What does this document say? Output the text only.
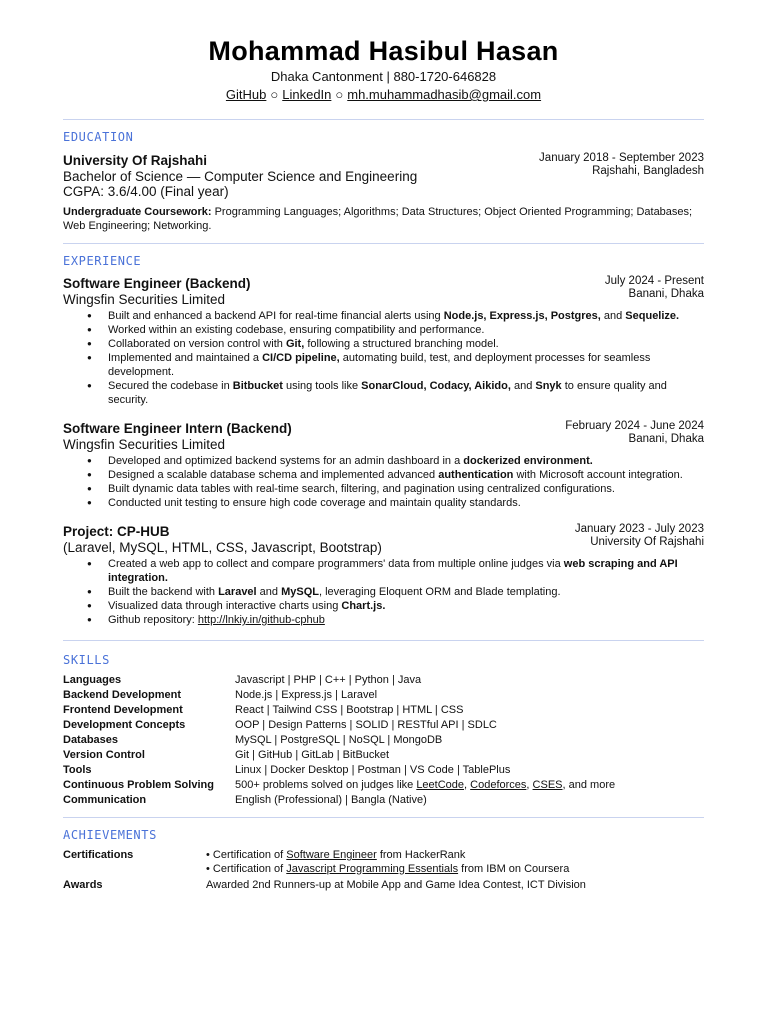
Mohammad Hasibul Hasan
Dhaka Cantonment | 880-1720-646828
GitHub ○ LinkedIn ○ mh.muhammadhasib@gmail.com
EDUCATION
University Of Rajshahi
Bachelor of Science — Computer Science and Engineering
CGPA: 3.6/4.00 (Final year)
January 2018 - September 2023
Rajshahi, Bangladesh
Undergraduate Coursework: Programming Languages; Algorithms; Data Structures; Object Oriented Programming; Databases; Web Engineering; Networking.
EXPERIENCE
Software Engineer (Backend)
Wingsfin Securities Limited
July 2024 - Present
Banani, Dhaka
● Built and enhanced a backend API for real-time financial alerts using Node.js, Express.js, Postgres, and Sequelize.
● Worked within an existing codebase, ensuring compatibility and performance.
● Collaborated on version control with Git, following a structured branching model.
● Implemented and maintained a CI/CD pipeline, automating build, test, and deployment processes for seamless development.
● Secured the codebase in Bitbucket using tools like SonarCloud, Codacy, Aikido, and Snyk to ensure quality and security.
Software Engineer Intern (Backend)
Wingsfin Securities Limited
February 2024 - June 2024
Banani, Dhaka
● Developed and optimized backend systems for an admin dashboard in a dockerized environment.
● Designed a scalable database schema and implemented advanced authentication with Microsoft account integration.
● Built dynamic data tables with real-time search, filtering, and pagination using centralized configurations.
● Conducted unit testing to ensure high code coverage and maintain quality standards.
Project: CP-HUB
(Laravel, MySQL, HTML, CSS, Javascript, Bootstrap)
January 2023 - July 2023
University Of Rajshahi
● Created a web app to collect and compare programmers' data from multiple online judges via web scraping and API integration.
● Built the backend with Laravel and MySQL, leveraging Eloquent ORM and Blade templating.
● Visualized data through interactive charts using Chart.js.
● Github repository: http://lnkiy.in/github-cphub
SKILLS
Languages	Javascript | PHP | C++ | Python | Java
Backend Development	Node.js | Express.js | Laravel
Frontend Development	React | Tailwind CSS | Bootstrap | HTML | CSS
Development Concepts	OOP | Design Patterns | SOLID | RESTful API | SDLC
Databases	MySQL | PostgreSQL | NoSQL | MongoDB
Version Control	Git | GitHub | GitLab | BitBucket
Tools	Linux | Docker Desktop | Postman | VS Code | TablePlus
Continuous Problem Solving	500+ problems solved on judges like LeetCode, Codeforces, CSES, and more
Communication	English (Professional) | Bangla (Native)
ACHIEVEMENTS
Certifications	• Certification of Software Engineer from HackerRank
• Certification of Javascript Programming Essentials from IBM on Coursera
Awards	Awarded 2nd Runners-up at Mobile App and Game Idea Contest, ICT Division
